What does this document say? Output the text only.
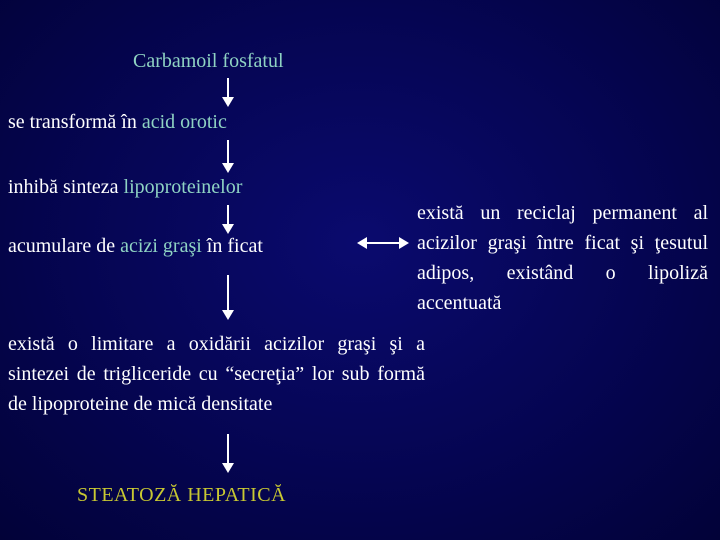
Carbamoil fosfatul

se transformă în acid orotic

inhibă sinteza lipoproteinelor

acumulare de acizi graşi în ficat

există un reciclaj permanent al acizilor graşi între ficat şi ţesutul adipos, existând o lipoliză accentuată
există o limitare a oxidării acizilor graşi şi a sintezei de trigliceride cu “secreţia” lor sub formă de lipoproteine de mică densitate

STEATOZĂ HEPATICĂ
